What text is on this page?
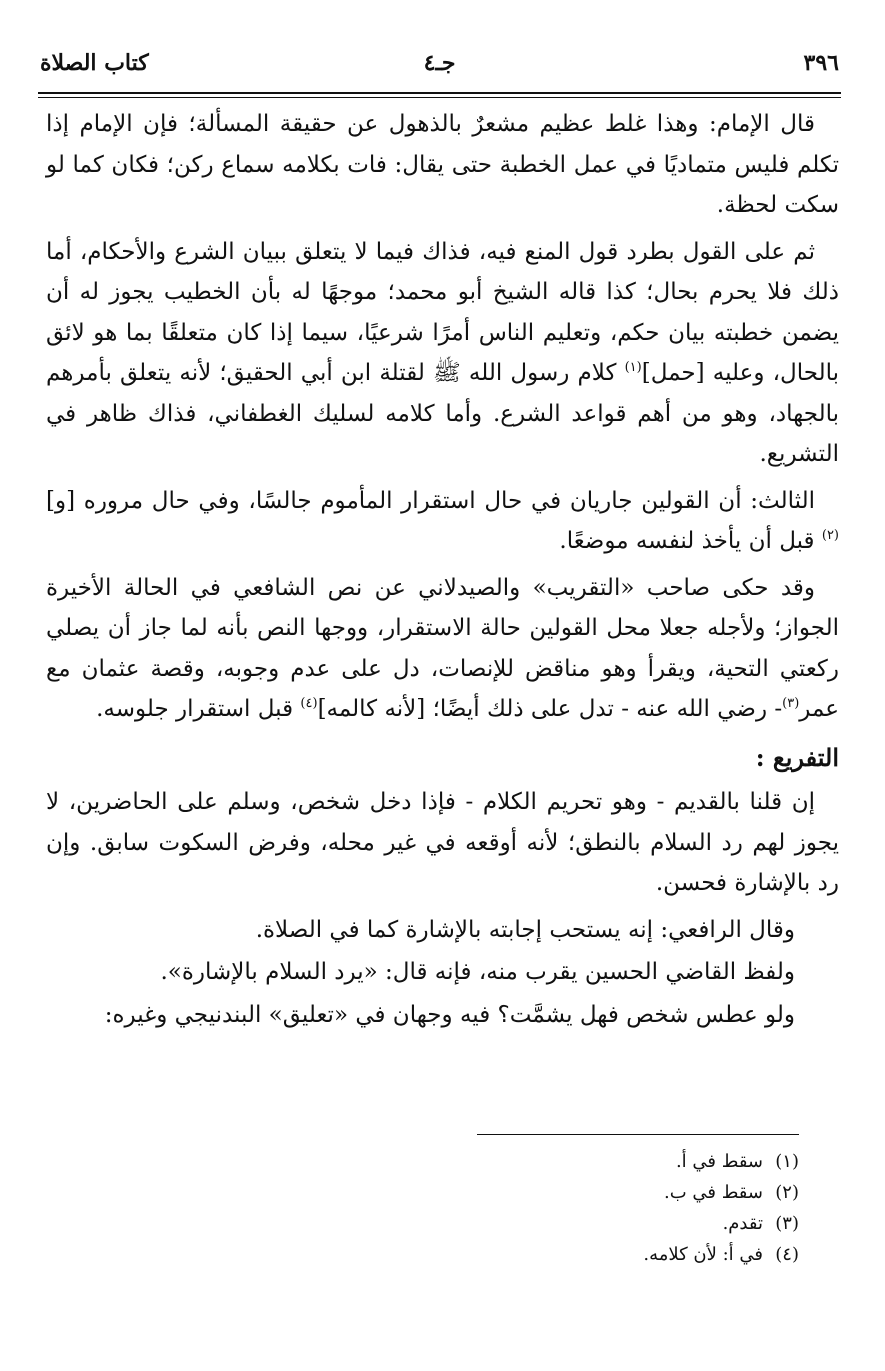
٣٩٦
جـ٤
كتاب الصلاة

قال الإمام: وهذا غلط عظيم مشعرٌ بالذهول عن حقيقة المسألة؛ فإن الإمام إذا تكلم فليس متماديًا في عمل الخطبة حتى يقال: فات بكلامه سماع ركن؛ فكان كما لو سكت لحظة.

ثم على القول بطرد قول المنع فيه، فذاك فيما لا يتعلق ببيان الشرع والأحكام، أما ذلك فلا يحرم بحال؛ كذا قاله الشيخ أبو محمد؛ موجهًا له بأن الخطيب يجوز له أن يضمن خطبته بيان حكم، وتعليم الناس أمرًا شرعيًا، سيما إذا كان متعلقًا بما هو لائق بالحال، وعليه [حمل]$^{(١)}$ كلام رسول الله ﷺ لقتلة ابن أبي الحقيق؛ لأنه يتعلق بأمرهم بالجهاد، وهو من أهم قواعد الشرع. وأما كلامه لسليك الغطفاني، فذاك ظاهر في التشريع.

الثالث: أن القولين جاريان في حال استقرار المأموم جالسًا، وفي حال مروره [و]$^{(٢)}$ قبل أن يأخذ لنفسه موضعًا.

وقد حكى صاحب «التقريب» والصيدلاني عن نص الشافعي في الحالة الأخيرة الجواز؛ ولأجله جعلا محل القولين حالة الاستقرار، ووجها النص بأنه لما جاز أن يصلي ركعتي التحية، ويقرأ وهو مناقض للإنصات، دل على عدم وجوبه، وقصة عثمان مع عمر$^{(٣)}$- رضي الله عنه - تدل على ذلك أيضًا؛ [لأنه كالمه]$^{(٤)}$ قبل استقرار جلوسه.

التفريع :

إن قلنا بالقديم - وهو تحريم الكلام - فإذا دخل شخص، وسلم على الحاضرين، لا يجوز لهم رد السلام بالنطق؛ لأنه أوقعه في غير محله، وفرض السكوت سابق. وإن رد بالإشارة فحسن.

وقال الرافعي: إنه يستحب إجابته بالإشارة كما في الصلاة.

ولفظ القاضي الحسين يقرب منه، فإنه قال: «يرد السلام بالإشارة».

ولو عطس شخص فهل يشمَّت؟ فيه وجهان في «تعليق» البندنيجي وغيره:

(١)سقط في أ.
(٢)سقط في ب.
(٣)تقدم.
(٤)في أ: لأن كلامه.
